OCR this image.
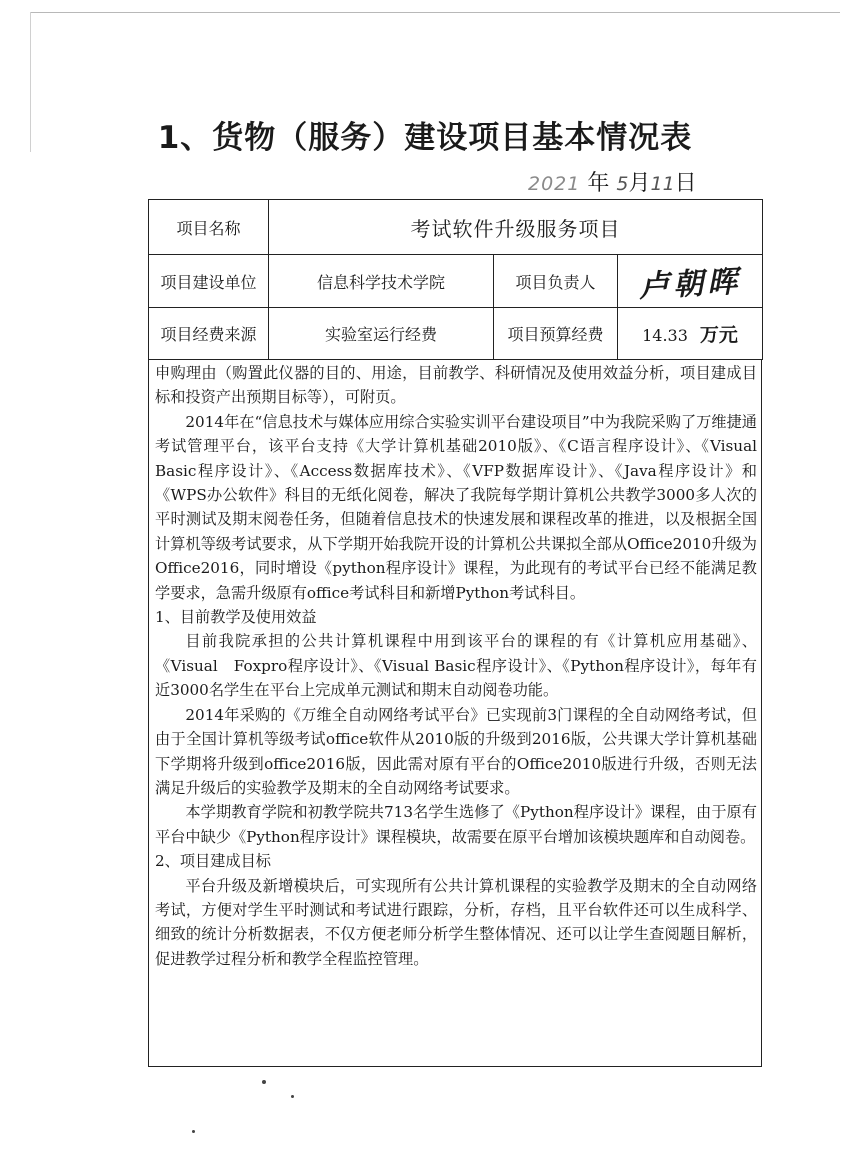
1、货物（服务）建设项目基本情况表
2021 年 5月11日
项目名称	考试软件升级服务项目		
项目建设单位	信息科学技术学院	项目负责人	卢朝晖
项目经费来源	实验室运行经费	项目预算经费	14.33 万元

申购理由（购置此仪器的目的、用途，目前教学、科研情况及使用效益分析，项目建成目标和投资产出预期目标等），可附页。

2014年在“信息技术与媒体应用综合实验实训平台建设项目”中为我院采购了万维捷通考试管理平台，该平台支持《大学计算机基础2010版》、《C语言程序设计》、《Visual Basic程序设计》、《Access数据库技术》、《VFP数据库设计》、《Java程序设计》和《WPS办公软件》科目的无纸化阅卷，解决了我院每学期计算机公共教学3000多人次的平时测试及期末阅卷任务，但随着信息技术的快速发展和课程改革的推进，以及根据全国计算机等级考试要求，从下学期开始我院开设的计算机公共课拟全部从Office2010升级为Office2016，同时增设《python程序设计》课程，为此现有的考试平台已经不能满足教学要求，急需升级原有office考试科目和新增Python考试科目。

1、目前教学及使用效益

目前我院承担的公共计算机课程中用到该平台的课程的有《计算机应用基础》、《Visual　Foxpro程序设计》、《Visual Basic程序设计》、《Python程序设计》，每年有近3000名学生在平台上完成单元测试和期末自动阅卷功能。

2014年采购的《万维全自动网络考试平台》已实现前3门课程的全自动网络考试，但由于全国计算机等级考试office软件从2010版的升级到2016版，公共课大学计算机基础下学期将升级到office2016版，因此需对原有平台的Office2010版进行升级，否则无法满足升级后的实验教学及期末的全自动网络考试要求。

本学期教育学院和初教学院共713名学生选修了《Python程序设计》课程，由于原有平台中缺少《Python程序设计》课程模块，故需要在原平台增加该模块题库和自动阅卷。

2、项目建成目标

平台升级及新增模块后，可实现所有公共计算机课程的实验教学及期末的全自动网络考试，方便对学生平时测试和考试进行跟踪，分析，存档，且平台软件还可以生成科学、细致的统计分析数据表，不仅方便老师分析学生整体情况、还可以让学生查阅题目解析，促进教学过程分析和教学全程监控管理。
